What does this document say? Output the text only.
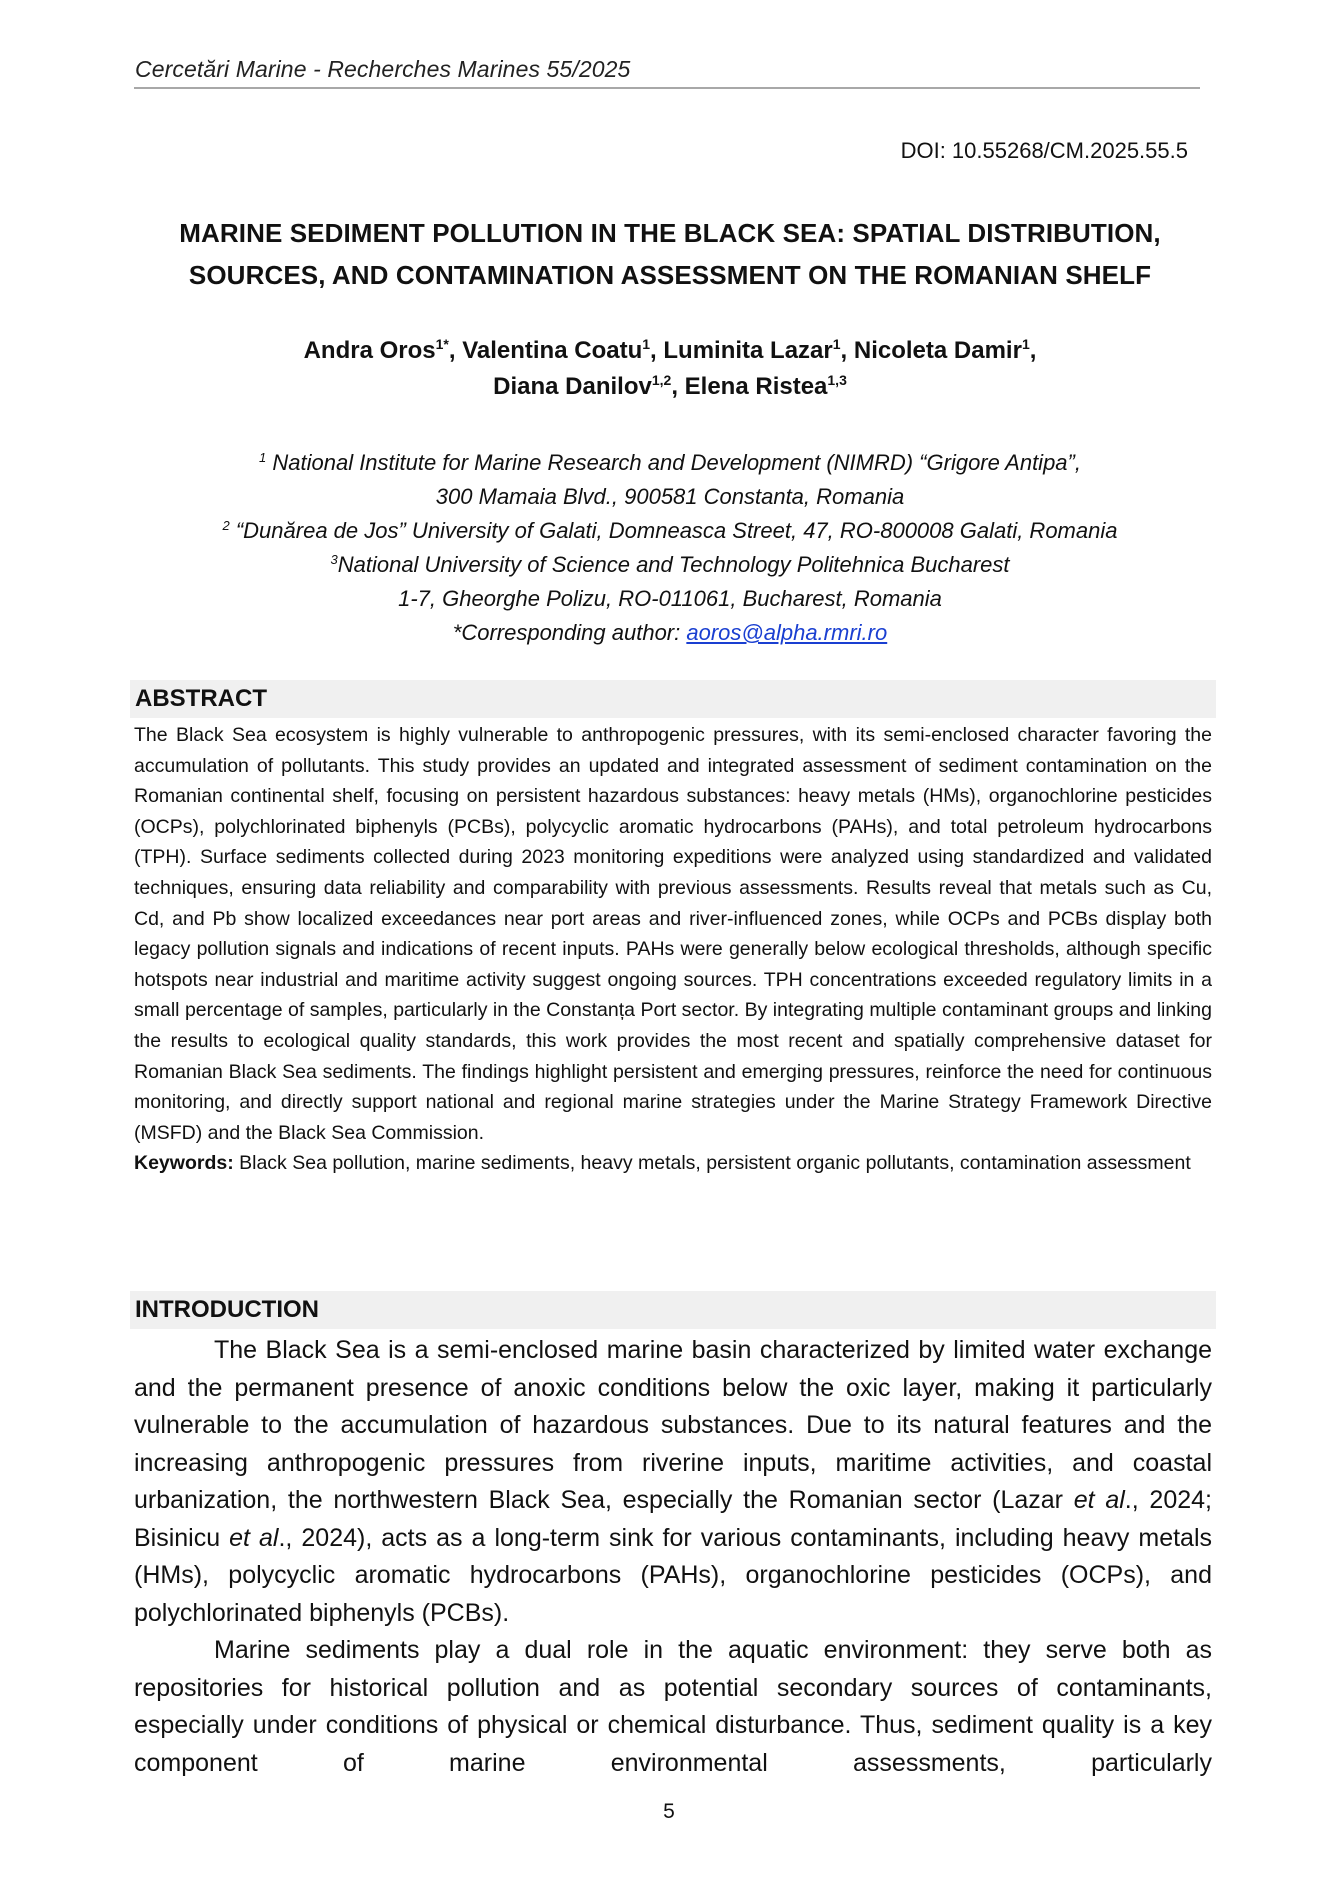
Cercetări Marine - Recherches Marines 55/2025
DOI: 10.55268/CM.2025.55.5
MARINE SEDIMENT POLLUTION IN THE BLACK SEA: SPATIAL DISTRIBUTION,
SOURCES, AND CONTAMINATION ASSESSMENT ON THE ROMANIAN SHELF
Andra Oros$^{1*}$, Valentina Coatu$^1$, Luminita Lazar$^1$, Nicoleta Damir$^1$,
Diana Danilov$^{1,2}$, Elena Ristea$^{1,3}$
$^1$ National Institute for Marine Research and Development (NIMRD) “Grigore Antipa”,
300 Mamaia Blvd., 900581 Constanta, Romania
$^2$ “Dunărea de Jos” University of Galati, Domneasca Street, 47, RO-800008 Galati, Romania
$^3$National University of Science and Technology Politehnica Bucharest
1-7, Gheorghe Polizu, RO-011061, Bucharest, Romania
*Corresponding author: aoros@alpha.rmri.ro
ABSTRACT

The Black Sea ecosystem is highly vulnerable to anthropogenic pressures, with its semi-enclosed character favoring the accumulation of pollutants. This study provides an updated and integrated assessment of sediment contamination on the Romanian continental shelf, focusing on persistent hazardous substances: heavy metals (HMs), organochlorine pesticides (OCPs), polychlorinated biphenyls (PCBs), polycyclic aromatic hydrocarbons (PAHs), and total petroleum hydrocarbons (TPH). Surface sediments collected during 2023 monitoring expeditions were analyzed using standardized and validated techniques, ensuring data reliability and comparability with previous assessments. Results reveal that metals such as Cu, Cd, and Pb show localized exceedances near port areas and river-influenced zones, while OCPs and PCBs display both legacy pollution signals and indications of recent inputs. PAHs were generally below ecological thresholds, although specific hotspots near industrial and maritime activity suggest ongoing sources. TPH concentrations exceeded regulatory limits in a small percentage of samples, particularly in the Constanța Port sector. By integrating multiple contaminant groups and linking the results to ecological quality standards, this work provides the most recent and spatially comprehensive dataset for Romanian Black Sea sediments. The findings highlight persistent and emerging pressures, reinforce the need for continuous monitoring, and directly support national and regional marine strategies under the Marine Strategy Framework Directive (MSFD) and the Black Sea Commission.

Keywords: Black Sea pollution, marine sediments, heavy metals, persistent organic pollutants, contamination assessment

INTRODUCTION

The Black Sea is a semi-enclosed marine basin characterized by limited water exchange and the permanent presence of anoxic conditions below the oxic layer, making it particularly vulnerable to the accumulation of hazardous substances. Due to its natural features and the increasing anthropogenic pressures from riverine inputs, maritime activities, and coastal urbanization, the northwestern Black Sea, especially the Romanian sector (Lazar et al., 2024; Bisinicu et al., 2024), acts as a long-term sink for various contaminants, including heavy metals (HMs), polycyclic aromatic hydrocarbons (PAHs), organochlorine pesticides (OCPs), and polychlorinated biphenyls (PCBs).

Marine sediments play a dual role in the aquatic environment: they serve both as repositories for historical pollution and as potential secondary sources of contaminants, especially under conditions of physical or chemical disturbance. Thus, sediment quality is a key component of marine environmental assessments, particularly

5
